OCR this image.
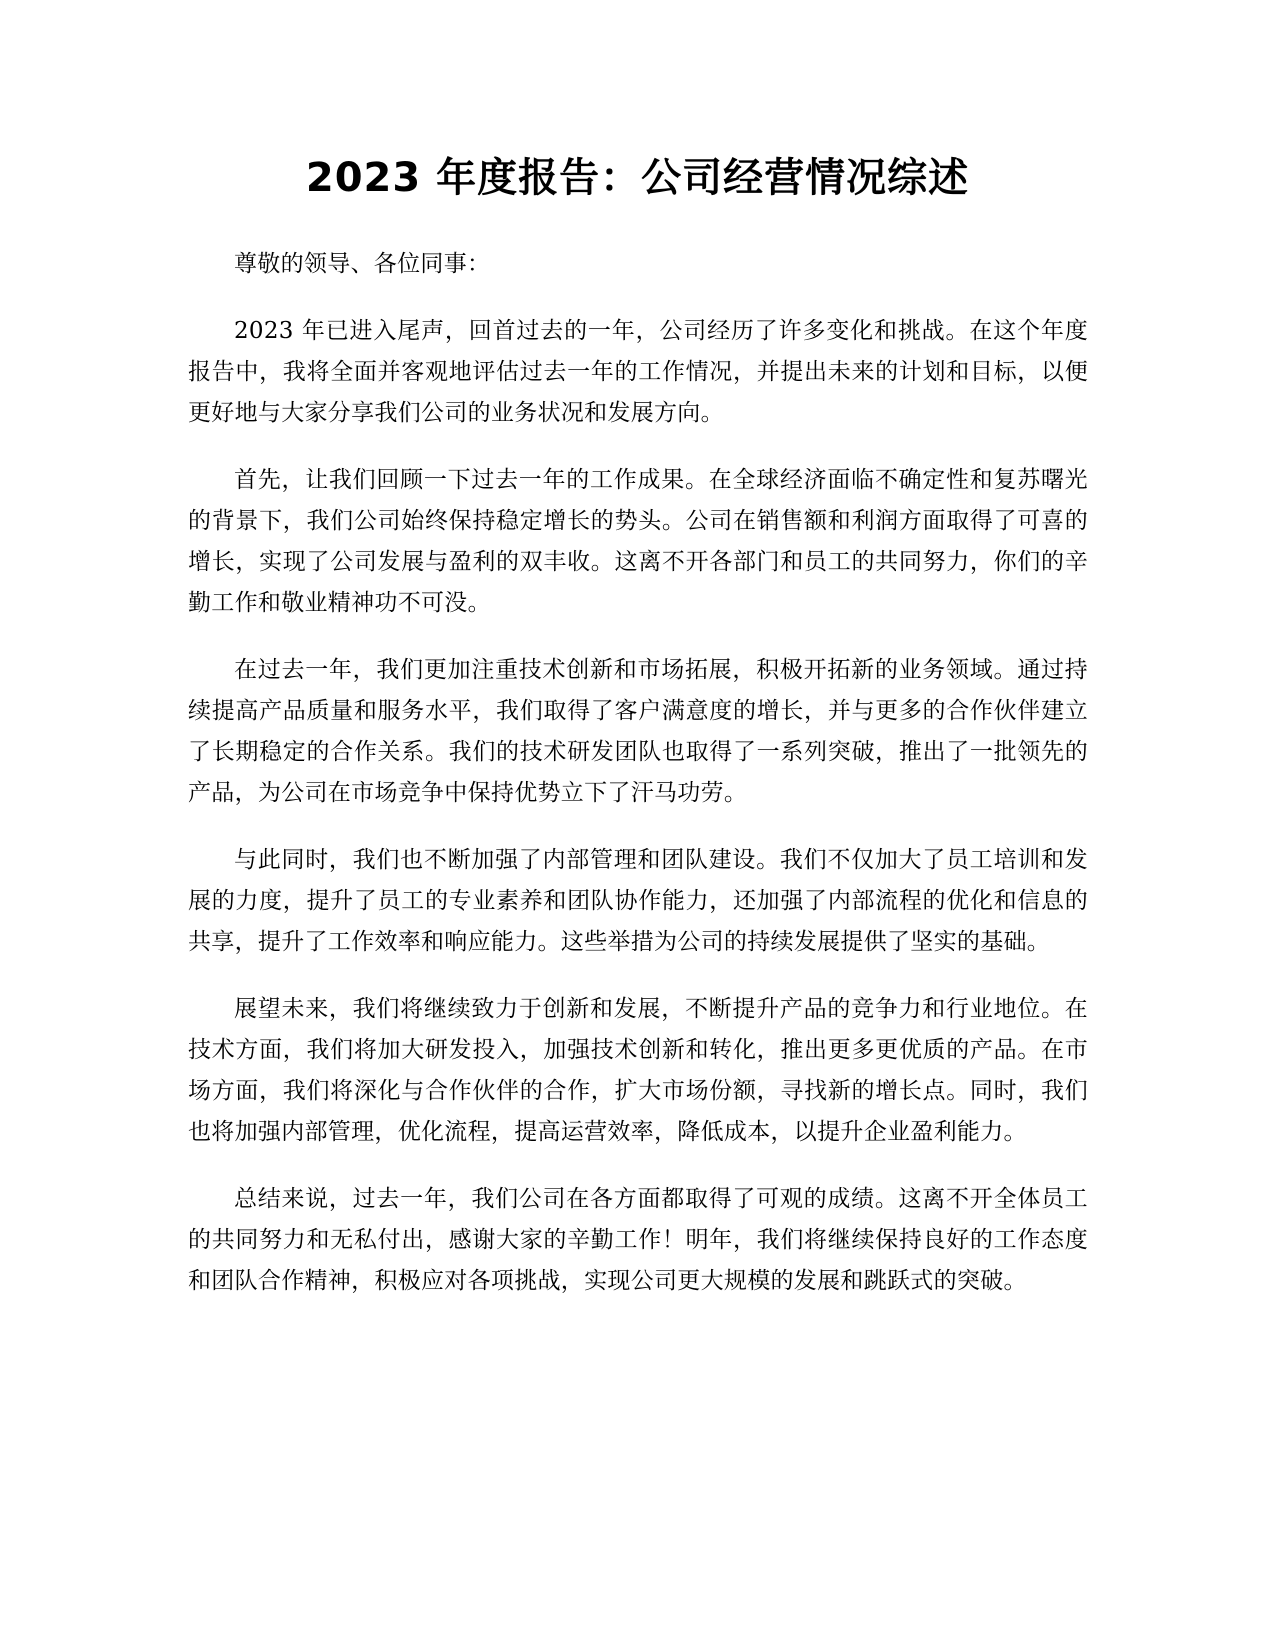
2023 年度报告：公司经营情况综述

尊敬的领导、各位同事：

2023 年已进入尾声，回首过去的一年，公司经历了许多变化和挑战。在这个年度报告中，我将全面并客观地评估过去一年的工作情况，并提出未来的计划和目标，以便更好地与大家分享我们公司的业务状况和发展方向。

首先，让我们回顾一下过去一年的工作成果。在全球经济面临不确定性和复苏曙光的背景下，我们公司始终保持稳定增长的势头。公司在销售额和利润方面取得了可喜的增长，实现了公司发展与盈利的双丰收。这离不开各部门和员工的共同努力，你们的辛勤工作和敬业精神功不可没。

在过去一年，我们更加注重技术创新和市场拓展，积极开拓新的业务领域。通过持续提高产品质量和服务水平，我们取得了客户满意度的增长，并与更多的合作伙伴建立了长期稳定的合作关系。我们的技术研发团队也取得了一系列突破，推出了一批领先的产品，为公司在市场竞争中保持优势立下了汗马功劳。

与此同时，我们也不断加强了内部管理和团队建设。我们不仅加大了员工培训和发展的力度，提升了员工的专业素养和团队协作能力，还加强了内部流程的优化和信息的共享，提升了工作效率和响应能力。这些举措为公司的持续发展提供了坚实的基础。

展望未来，我们将继续致力于创新和发展，不断提升产品的竞争力和行业地位。在技术方面，我们将加大研发投入，加强技术创新和转化，推出更多更优质的产品。在市场方面，我们将深化与合作伙伴的合作，扩大市场份额，寻找新的增长点。同时，我们也将加强内部管理，优化流程，提高运营效率，降低成本，以提升企业盈利能力。

总结来说，过去一年，我们公司在各方面都取得了可观的成绩。这离不开全体员工的共同努力和无私付出，感谢大家的辛勤工作！明年，我们将继续保持良好的工作态度和团队合作精神，积极应对各项挑战，实现公司更大规模的发展和跳跃式的突破。
